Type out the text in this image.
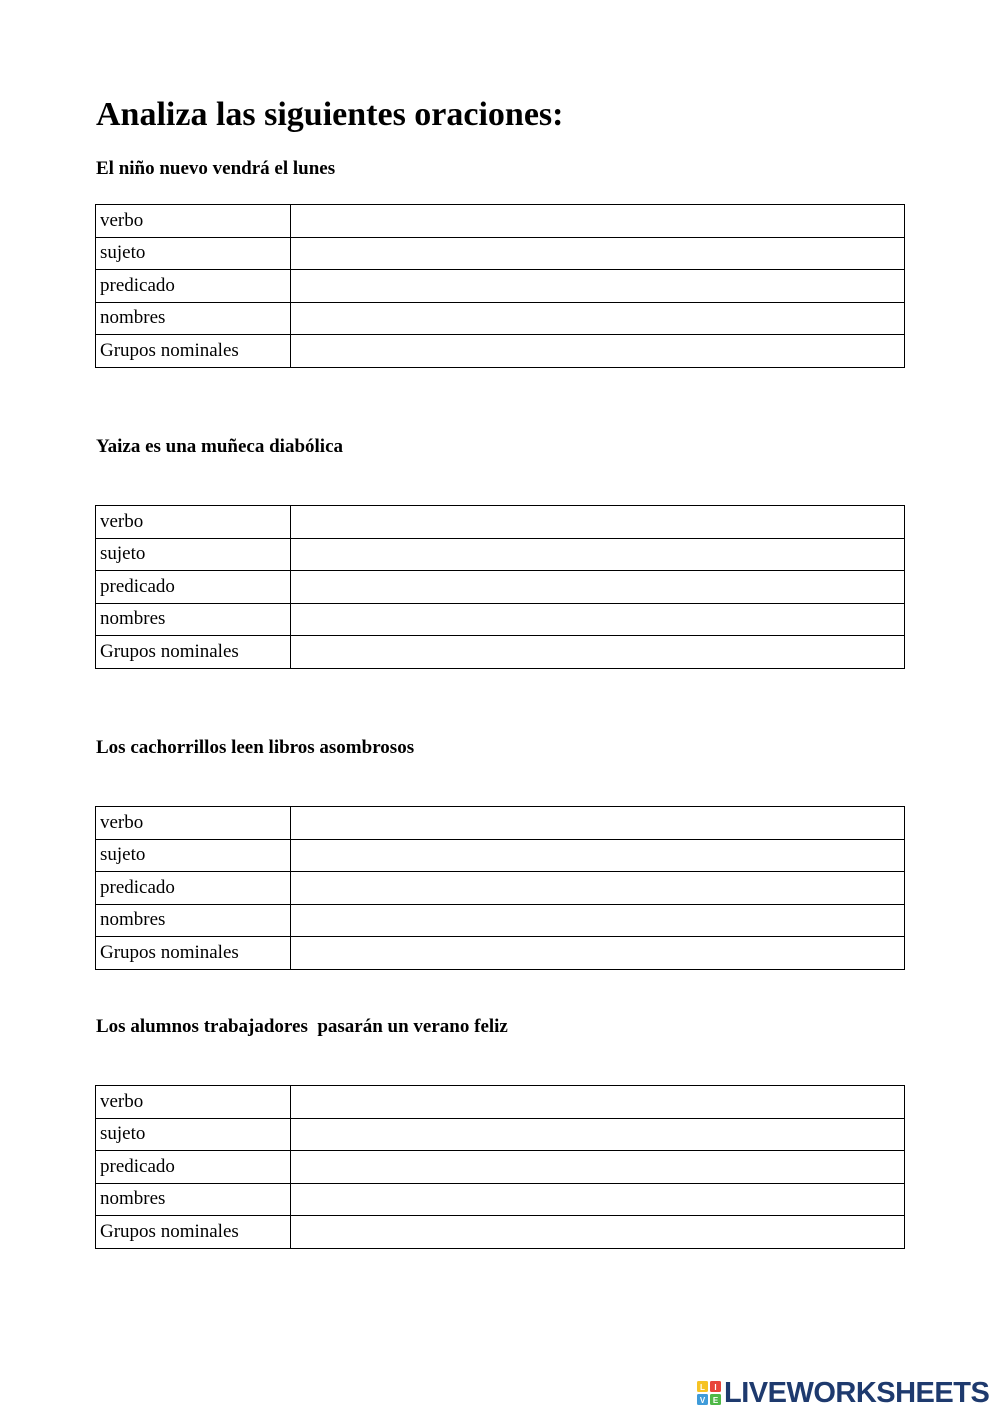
Analiza las siguientes oraciones:

El niño nuevo vendrá el lunes

verbo	

sujeto	

predicado	

nombres	

Grupos nominales	

Yaiza es una muñeca diabólica

verbo	

sujeto	

predicado	

nombres	

Grupos nominales	

Los cachorrillos leen libros asombrosos

verbo	

sujeto	

predicado	

nombres	

Grupos nominales	

Los alumnos trabajadores  pasarán un verano feliz

verbo	

sujeto	

predicado	

nombres	

Grupos nominales	
L I
V E LIVEWORKSHEETS
